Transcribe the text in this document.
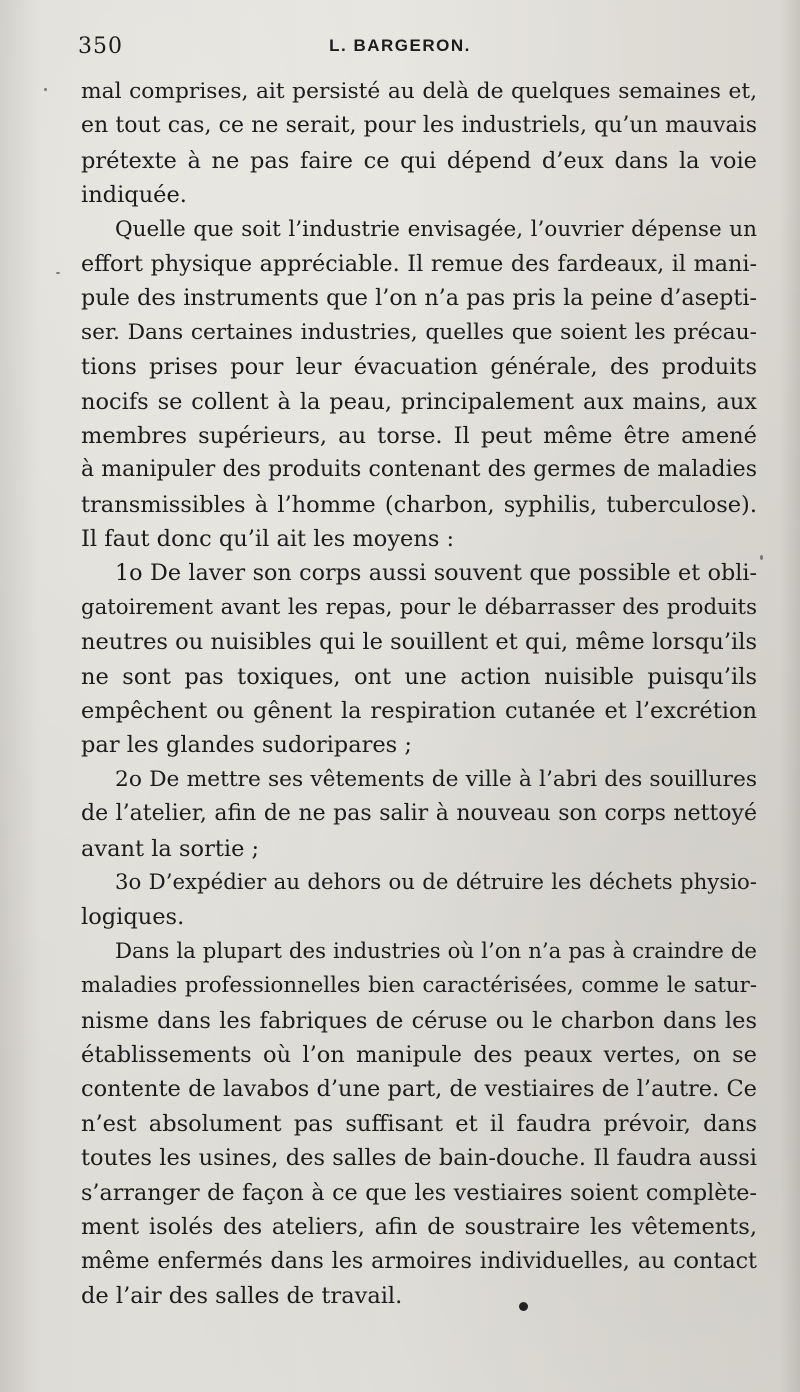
350	L. BARGERON.
mal comprises, ait persisté au delà de quelques semaines et,
en tout cas, ce ne serait, pour les industriels, qu’un mauvais
prétexte à ne pas faire ce qui dépend d’eux dans la voie
indiquée.
Quelle que soit l’industrie envisagée, l’ouvrier dépense un
effort physique appréciable. Il remue des fardeaux, il mani-
pule des instruments que l’on n’a pas pris la peine d’asepti-
ser. Dans certaines industries, quelles que soient les précau-
tions prises pour leur évacuation générale, des produits
nocifs se collent à la peau, principalement aux mains, aux
membres supérieurs, au torse. Il peut même être amené
à manipuler des produits contenant des germes de maladies
transmissibles à l’homme (charbon, syphilis, tuberculose).
Il faut donc qu’il ait les moyens :
1o De laver son corps aussi souvent que possible et obli-
gatoirement avant les repas, pour le débarrasser des produits
neutres ou nuisibles qui le souillent et qui, même lorsqu’ils
ne sont pas toxiques, ont une action nuisible puisqu’ils
empêchent ou gênent la respiration cutanée et l’excrétion
par les glandes sudoripares ;
2o De mettre ses vêtements de ville à l’abri des souillures
de l’atelier, afin de ne pas salir à nouveau son corps nettoyé
avant la sortie ;
3o D’expédier au dehors ou de détruire les déchets physio-
logiques.
Dans la plupart des industries où l’on n’a pas à craindre de
maladies professionnelles bien caractérisées, comme le satur-
nisme dans les fabriques de céruse ou le charbon dans les
établissements où l’on manipule des peaux vertes, on se
contente de lavabos d’une part, de vestiaires de l’autre. Ce
n’est absolument pas suffisant et il faudra prévoir, dans
toutes les usines, des salles de bain-douche. Il faudra aussi
s’arranger de façon à ce que les vestiaires soient complète-
ment isolés des ateliers, afin de soustraire les vêtements,
même enfermés dans les armoires individuelles, au contact
de l’air des salles de travail.
